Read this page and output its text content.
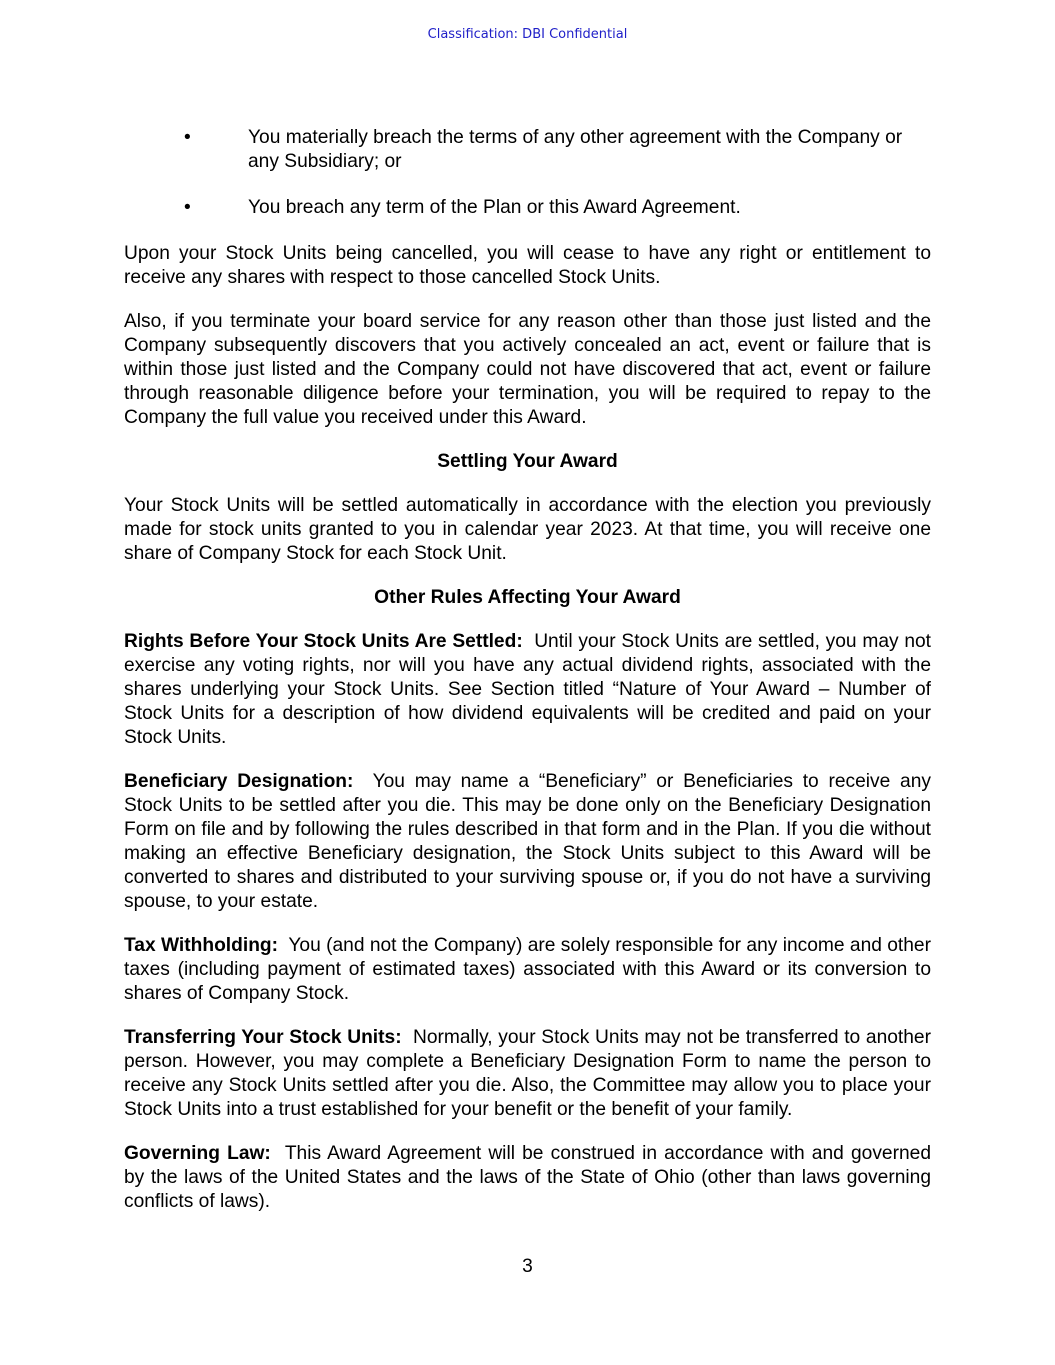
Classification: DBI Confidential
•	You materially breach the terms of any other agreement with the Company or any Subsidiary; or
•	You breach any term of the Plan or this Award Agreement.

Upon your Stock Units being cancelled, you will cease to have any right or entitlement to receive any shares with respect to those cancelled Stock Units.

Also, if you terminate your board service for any reason other than those just listed and the Company subsequently discovers that you actively concealed an act, event or failure that is within those just listed and the Company could not have discovered that act, event or failure through reasonable diligence before your termination, you will be required to repay to the Company the full value you received under this Award.

Settling Your Award

Your Stock Units will be settled automatically in accordance with the election you previously made for stock units granted to you in calendar year 2023. At that time, you will receive one share of Company Stock for each Stock Unit.

Other Rules Affecting Your Award

Rights Before Your Stock Units Are Settled: Until your Stock Units are settled, you may not exercise any voting rights, nor will you have any actual dividend rights, associated with the shares underlying your Stock Units. See Section titled “Nature of Your Award – Number of Stock Units for a description of how dividend equivalents will be credited and paid on your Stock Units.

Beneficiary Designation: You may name a “Beneficiary” or Beneficiaries to receive any Stock Units to be settled after you die. This may be done only on the Beneficiary Designation Form on file and by following the rules described in that form and in the Plan. If you die without making an effective Beneficiary designation, the Stock Units subject to this Award will be converted to shares and distributed to your surviving spouse or, if you do not have a surviving spouse, to your estate.

Tax Withholding: You (and not the Company) are solely responsible for any income and other taxes (including payment of estimated taxes) associated with this Award or its conversion to shares of Company Stock.

Transferring Your Stock Units: Normally, your Stock Units may not be transferred to another person. However, you may complete a Beneficiary Designation Form to name the person to receive any Stock Units settled after you die. Also, the Committee may allow you to place your Stock Units into a trust established for your benefit or the benefit of your family.

Governing Law: This Award Agreement will be construed in accordance with and governed by the laws of the United States and the laws of the State of Ohio (other than laws governing conflicts of laws).

3
